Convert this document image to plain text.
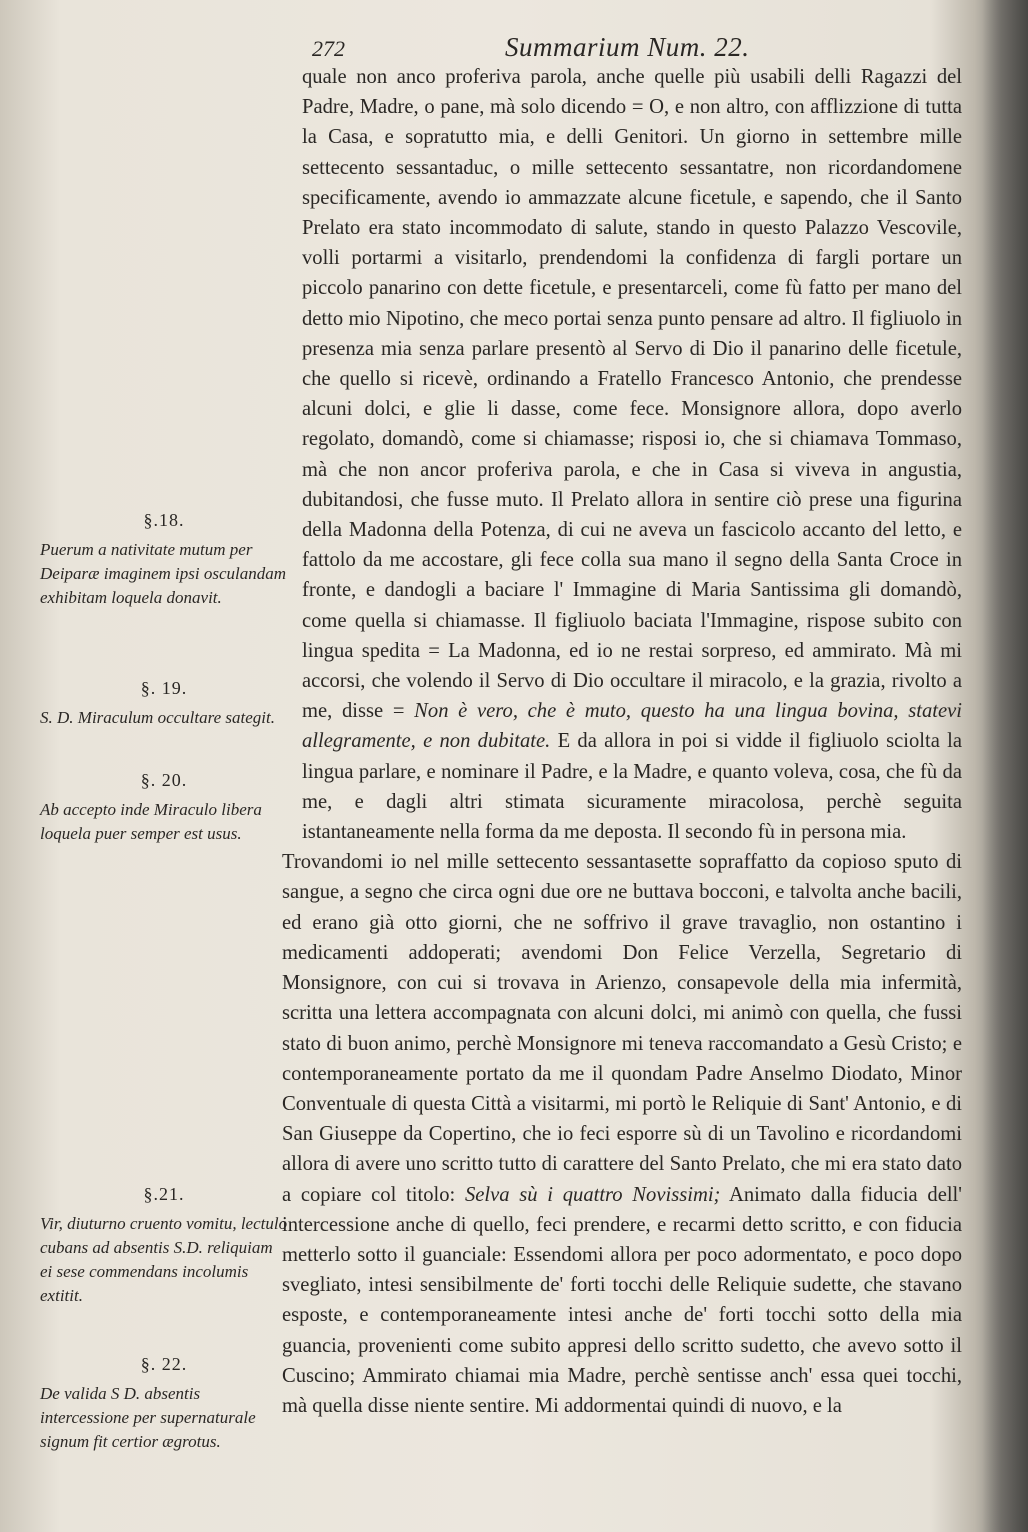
272	Summarium Num. 22.

quale non anco proferiva parola, anche quelle più usabili delli Ragazzi del Padre, Madre, o pane, mà solo dicendo = O, e non altro, con afflizzione di tutta la Casa, e sopratutto mia, e delli Genitori. Un giorno in settembre mille settecento sessantaduc, o mille settecento sessantatre, non ricordandomene specificamente, avendo io ammazzate alcune ficetule, e sapendo, che il Santo Prelato era stato incommodato di salute, stando in questo Palazzo Vescovile, volli portarmi a visitarlo, prendendomi la confidenza di fargli portare un piccolo panarino con dette ficetule, e presentarceli, come fù fatto per mano del detto mio Nipotino, che meco portai senza punto pensare ad altro. Il figliuolo in presenza mia senza parlare presentò al Servo di Dio il panarino delle ficetule, che quello si ricevè, ordinando a Fratello Francesco Antonio, che prendesse alcuni dolci, e glie li dasse, come fece. Monsignore allora, dopo averlo regolato, domandò, come si chiamasse; risposi io, che si chiamava Tommaso, mà che non ancor proferiva parola, e che in Casa si viveva in angustia, dubitandosi, che fusse muto. Il Prelato allora in sentire ciò prese una figurina della Madonna della Potenza, di cui ne aveva un fascicolo accanto del letto, e fattolo da me accostare, gli fece colla sua mano il segno della Santa Croce in fronte, e dandogli a baciare l' Immagine di Maria Santissima gli domandò, come quella si chiamasse. Il figliuolo baciata l'Immagine, rispose subito con lingua spedita = La Madonna, ed io ne restai sorpreso, ed ammirato. Mà mi accorsi, che volendo il Servo di Dio occultare il miracolo, e la grazia, rivolto a me, disse = Non è vero, che è muto, questo ha una lingua bovina, statevi allegramente, e non dubitate. E da allora in poi si vidde il figliuolo sciolta la lingua parlare, e nominare il Padre, e la Madre, e quanto voleva, cosa, che fù da me, e dagli altri stimata sicuramente miracolosa, perchè seguita istantaneamente nella forma da me deposta. Il secondo fù in persona mia.

Trovandomi io nel mille settecento sessantasette sopraffatto da copioso sputo di sangue, a segno che circa ogni due ore ne buttava bocconi, e talvolta anche bacili, ed erano già otto giorni, che ne soffrivo il grave travaglio, non ostantino i medicamenti addoperati; avendomi Don Felice Verzella, Segretario di Monsignore, con cui si trovava in Arienzo, consapevole della mia infermità, scritta una lettera accompagnata con alcuni dolci, mi animò con quella, che fussi stato di buon animo, perchè Monsignore mi teneva raccomandato a Gesù Cristo; e contemporaneamente portato da me il quondam Padre Anselmo Diodato, Minor Conventuale di questa Città a visitarmi, mi portò le Reliquie di Sant' Antonio, e di San Giuseppe da Copertino, che io feci esporre sù di un Tavolino e ricordandomi allora di avere uno scritto tutto di carattere del Santo Prelato, che mi era stato dato a copiare col titolo: Selva sù i quattro Novissimi; Animato dalla fiducia dell' intercessione anche di quello, feci prendere, e recarmi detto scritto, e con fiducia metterlo sotto il guanciale: Essendomi allora per poco adormentato, e poco dopo svegliato, intesi sensibilmente de' forti tocchi delle Reliquie sudette, che stavano esposte, e contemporaneamente intesi anche de' forti tocchi sotto della mia guancia, provenienti come subito appresi dello scritto sudetto, che avevo sotto il Cuscino; Ammirato chiamai mia Madre, perchè sentisse anch' essa quei tocchi, mà quella disse niente sentire. Mi addormentai quindi di nuovo, e la

§.18.
Puerum a nativitate mutum per Deiparæ imaginem ipsi osculandam exhibitam loquela donavit.
§. 19.
S. D. Miraculum occultare sategit.
§. 20.
Ab accepto inde Miraculo libera loquela puer semper est usus.
§.21.
Vir, diuturno cruento vomitu, lectulo cubans ad absentis S.D. reliquiam ei sese commendans incolumis extitit.
§. 22.
De valida S D. absentis intercessione per supernaturale signum fit certior ægrotus.
